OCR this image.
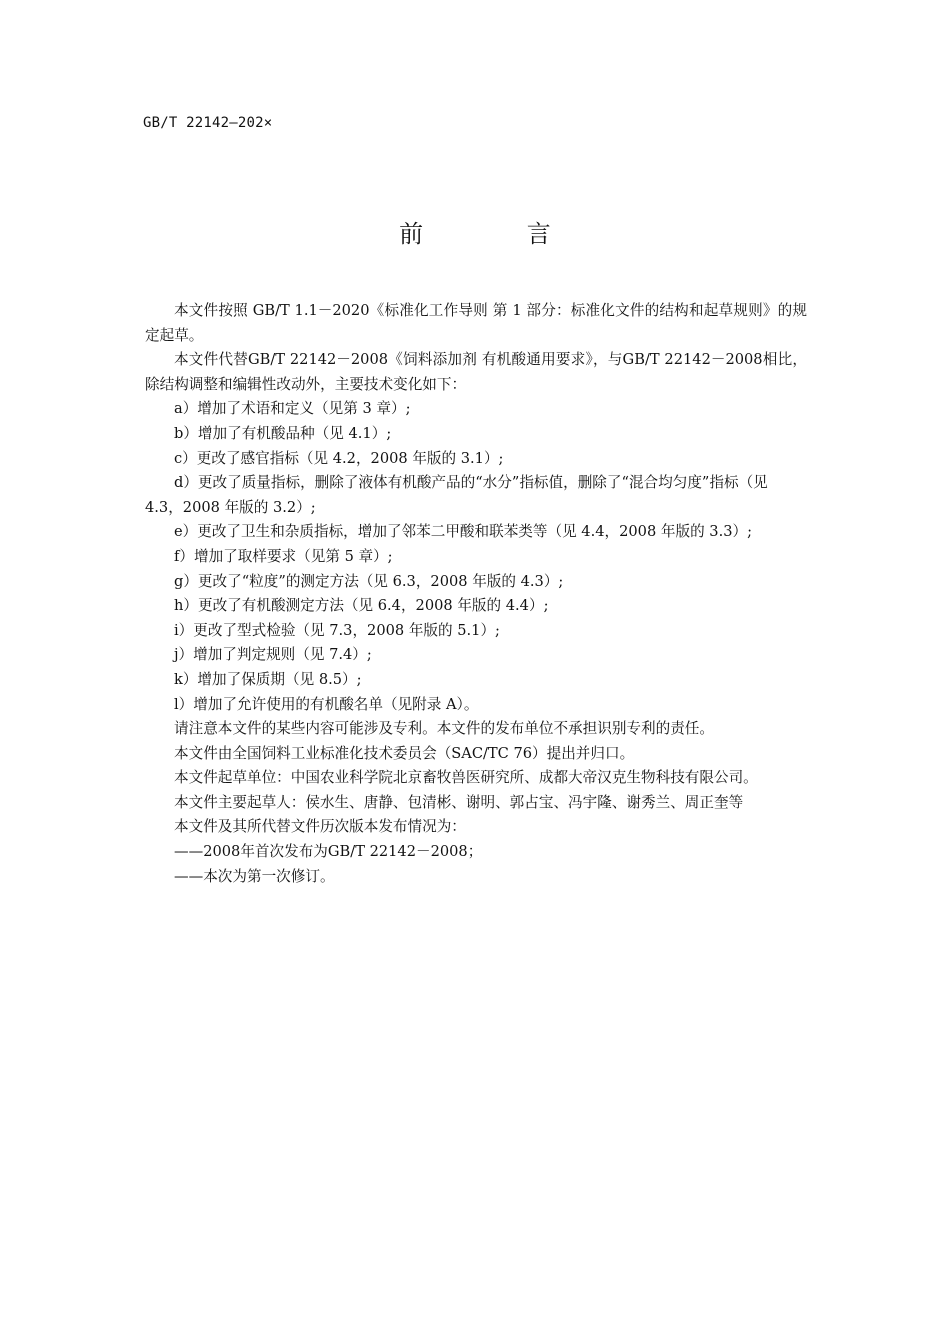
GB/T 22142—202×
前 言

本文件按照 GB/T 1.1－2020《标准化工作导则 第 1 部分：标准化文件的结构和起草规则》的规定起草。

本文件代替GB/T 22142－2008《饲料添加剂 有机酸通用要求》，与GB/T 22142－2008相比，除结构调整和编辑性改动外，主要技术变化如下：

a）增加了术语和定义（见第 3 章）;

b）增加了有机酸品种（见 4.1）;

c）更改了感官指标（见 4.2，2008 年版的 3.1）;

d）更改了质量指标，删除了液体有机酸产品的“水分”指标值，删除了“混合均匀度”指标（见 4.3，2008 年版的 3.2）;

e）更改了卫生和杂质指标，增加了邻苯二甲酸和联苯类等（见 4.4，2008 年版的 3.3）;

f）增加了取样要求（见第 5 章）;

g）更改了“粒度”的测定方法（见 6.3，2008 年版的 4.3）;

h）更改了有机酸测定方法（见 6.4，2008 年版的 4.4）;

i）更改了型式检验（见 7.3，2008 年版的 5.1）;

j）增加了判定规则（见 7.4）;

k）增加了保质期（见 8.5）;

l）增加了允许使用的有机酸名单（见附录 A）。

请注意本文件的某些内容可能涉及专利。本文件的发布单位不承担识别专利的责任。

本文件由全国饲料工业标准化技术委员会（SAC/TC 76）提出并归口。

本文件起草单位：中国农业科学院北京畜牧兽医研究所、成都大帝汉克生物科技有限公司。

本文件主要起草人：侯水生、唐静、包清彬、谢明、郭占宝、冯宇隆、谢秀兰、周正奎等

本文件及其所代替文件历次版本发布情况为：

——2008年首次发布为GB/T 22142－2008；

——本次为第一次修订。
